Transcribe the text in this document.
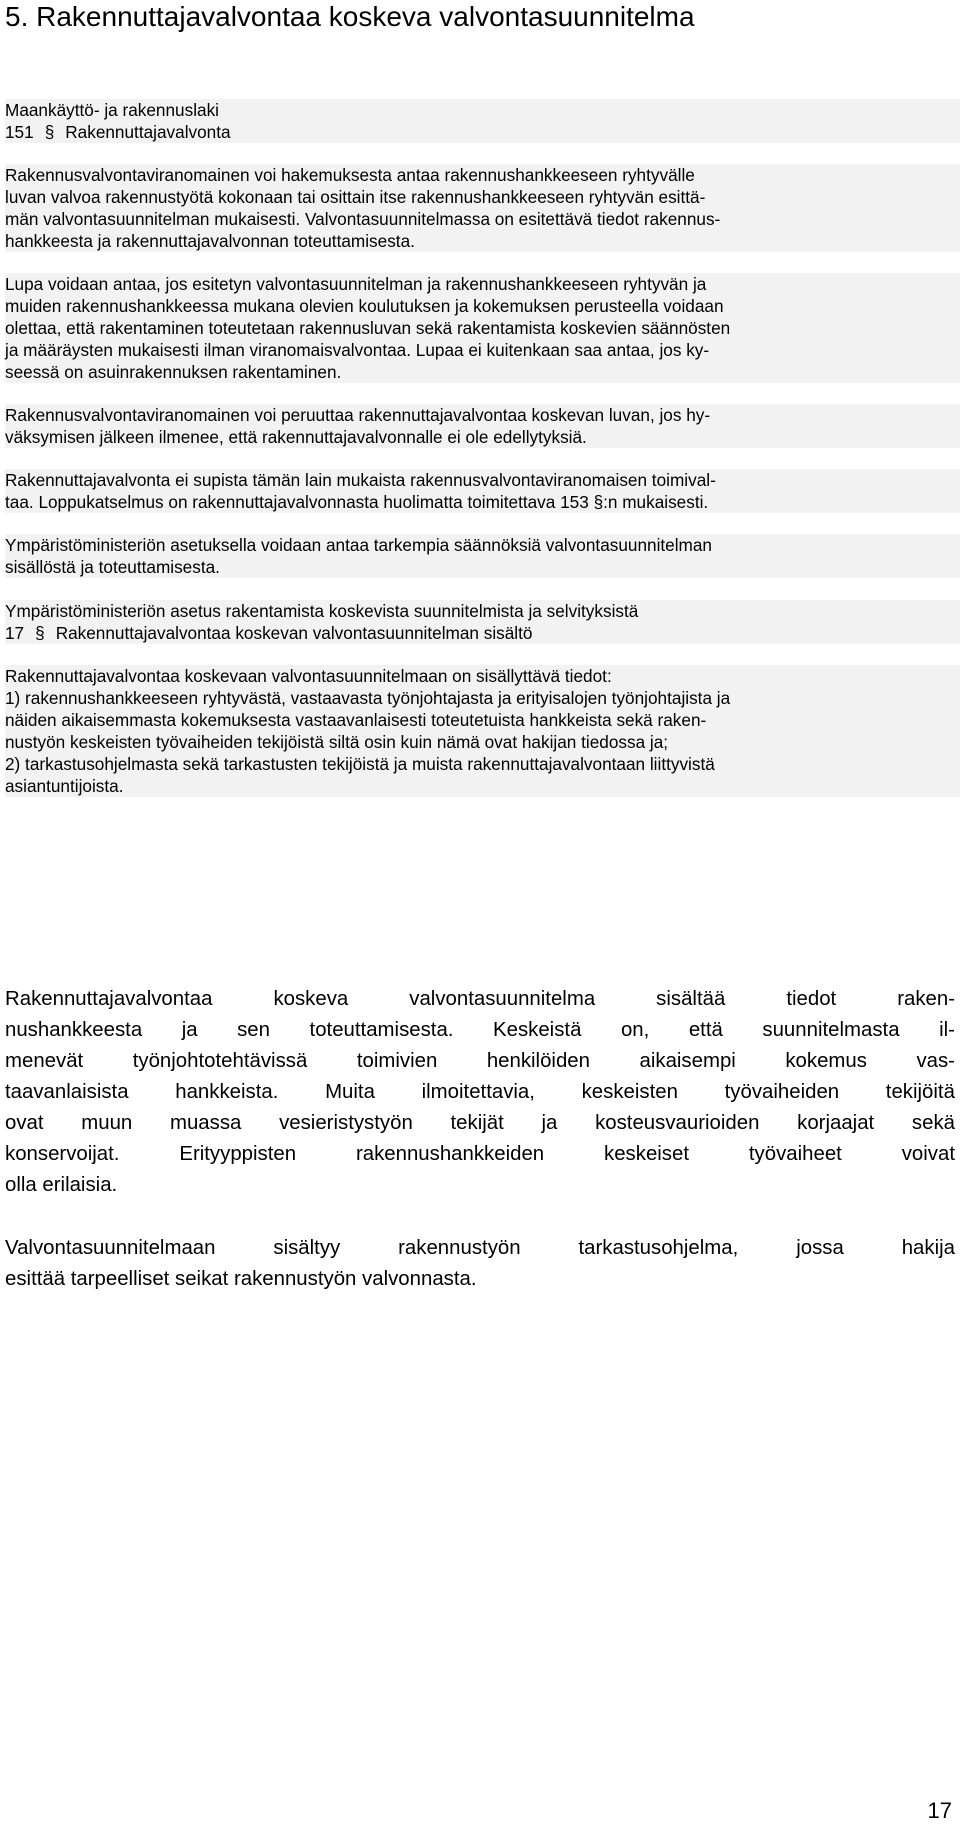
5. Rakennuttajavalvontaa koskeva valvontasuunnitelma
Maankäyttö- ja rakennuslaki
151 § Rakennuttajavalvonta
Rakennusvalvontaviranomainen voi hakemuksesta antaa rakennushankkeeseen ryhtyvälle
luvan valvoa rakennustyötä kokonaan tai osittain itse rakennushankkeeseen ryhtyvän esittä-
män valvontasuunnitelman mukaisesti. Valvontasuunnitelmassa on esitettävä tiedot rakennus-
hankkeesta ja rakennuttajavalvonnan toteuttamisesta.
Lupa voidaan antaa, jos esitetyn valvontasuunnitelman ja rakennushankkeeseen ryhtyvän ja
muiden rakennushankkeessa mukana olevien koulutuksen ja kokemuksen perusteella voidaan
olettaa, että rakentaminen toteutetaan rakennusluvan sekä rakentamista koskevien säännösten
ja määräysten mukaisesti ilman viranomaisvalvontaa. Lupaa ei kuitenkaan saa antaa, jos ky-
seessä on asuinrakennuksen rakentaminen.
Rakennusvalvontaviranomainen voi peruuttaa rakennuttajavalvontaa koskevan luvan, jos hy-
väksymisen jälkeen ilmenee, että rakennuttajavalvonnalle ei ole edellytyksiä.
Rakennuttajavalvonta ei supista tämän lain mukaista rakennusvalvontaviranomaisen toimival-
taa. Loppukatselmus on rakennuttajavalvonnasta huolimatta toimitettava 153 §:n mukaisesti.
Ympäristöministeriön asetuksella voidaan antaa tarkempia säännöksiä valvontasuunnitelman
sisällöstä ja toteuttamisesta.
Ympäristöministeriön asetus rakentamista koskevista suunnitelmista ja selvityksistä
17 § Rakennuttajavalvontaa koskevan valvontasuunnitelman sisältö
Rakennuttajavalvontaa koskevaan valvontasuunnitelmaan on sisällyttävä tiedot:
1) rakennushankkeeseen ryhtyvästä, vastaavasta työnjohtajasta ja erityisalojen työnjohtajista ja
näiden aikaisemmasta kokemuksesta vastaavanlaisesti toteutetuista hankkeista sekä raken-
nustyön keskeisten työvaiheiden tekijöistä siltä osin kuin nämä ovat hakijan tiedossa ja;
2) tarkastusohjelmasta sekä tarkastusten tekijöistä ja muista rakennuttajavalvontaan liittyvistä
asiantuntijoista.
Rakennuttajavalvontaa	koskeva	valvontasuunnitelma	sisältää	tiedot	raken-
nushankkeesta ja sen toteuttamisesta. Keskeistä on, että suunnitelmasta il-
menevät työnjohtotehtävissä toimivien henkilöiden aikaisempi kokemus vas-
taavanlaisista hankkeista. Muita ilmoitettavia, keskeisten työvaiheiden tekijöitä
ovat muun muassa vesieristystyön tekijät ja kosteusvaurioiden korjaajat sekä
konservoijat.	Erityyppisten	rakennushankkeiden	keskeiset	työvaiheet	voivat
olla erilaisia.
Valvontasuunnitelmaan	sisältyy	rakennustyön	tarkastusohjelma,	jossa	hakija
esittää tarpeelliset seikat rakennustyön valvonnasta.
17
